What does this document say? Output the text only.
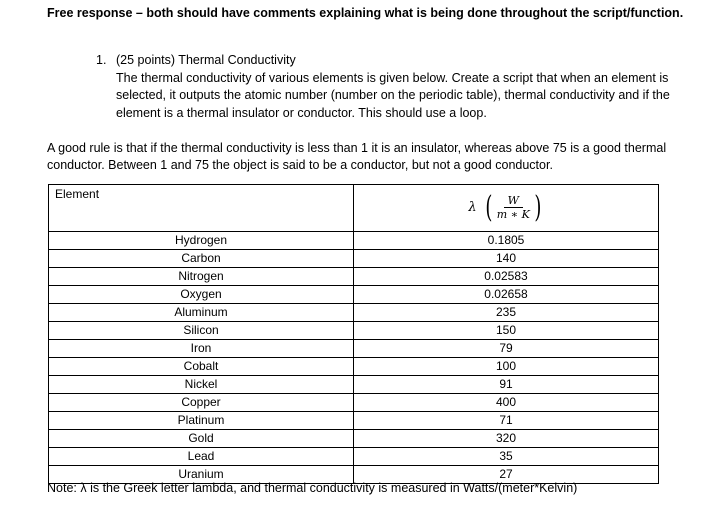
Free response – both should have comments explaining what is being done throughout the script/function.
1. (25 points) Thermal Conductivity
The thermal conductivity of various elements is given below. Create a script that when an element is selected, it outputs the atomic number (number on the periodic table), thermal conductivity and if the element is a thermal insulator or conductor. This should use a loop.
A good rule is that if the thermal conductivity is less than 1 it is an insulator, whereas above 75 is a good thermal conductor. Between 1 and 75 the object is said to be a conductor, but not a good conductor.
Element	λ ( $\frac{W}{m ∗ K}$ )

Hydrogen	0.1805
Carbon	140
Nitrogen	0.02583
Oxygen	0.02658
Aluminum	235
Silicon	150
Iron	79
Cobalt	100
Nickel	91
Copper	400
Platinum	71
Gold	320
Lead	35
Uranium	27
Note: λ is the Greek letter lambda, and thermal conductivity is measured in Watts/(meter*Kelvin)
